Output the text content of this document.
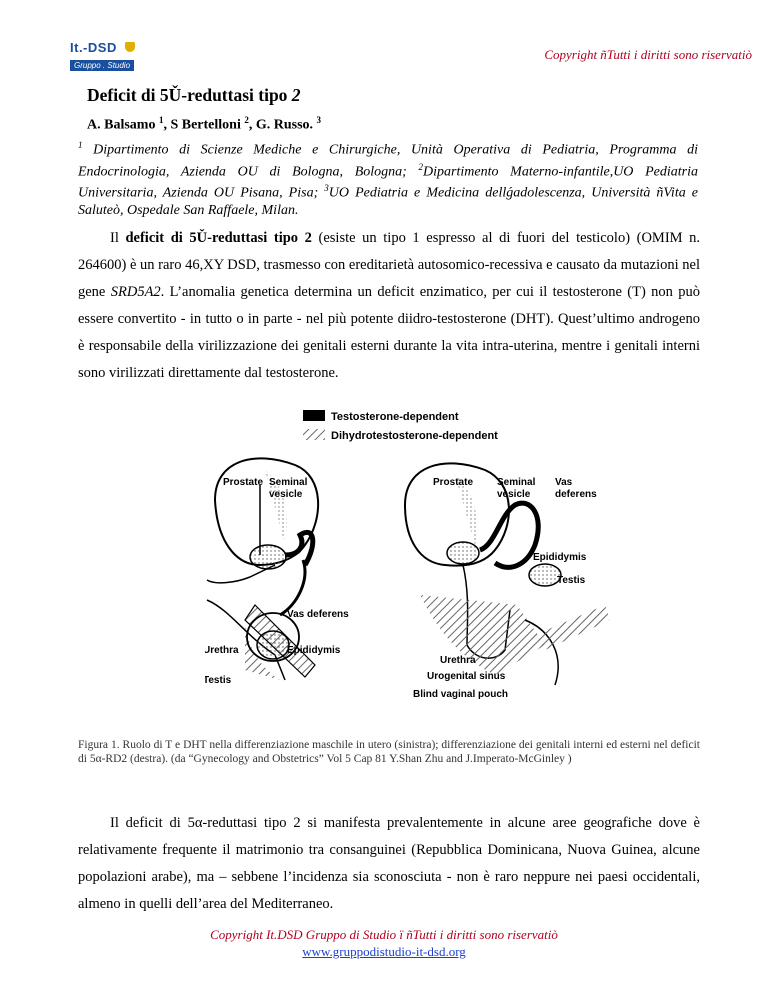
It.-DSD
Gruppo . Studio
Copyright ñTutti i diritti sono riservatiò
Deficit di 5Ǔ-reduttasi tipo 2
A. Balsamo $^1$, S Bertelloni $^2$, G. Russo. $^3$
$^1$ Dipartimento di Scienze Mediche e Chirurgiche, Unità Operativa di Pediatria, Programma di Endocrinologia, Azienda OU di Bologna, Bologna; $^2$Dipartimento Materno-infantile,UO Pediatria Universitaria, Azienda OU Pisana, Pisa; $^3$UO Pediatria e Medicina dellǵadolescenza, Università ñVita e Saluteò, Ospedale San Raffaele, Milan.
Il deficit di 5Ǔ-reduttasi tipo 2 (esiste un tipo 1 espresso al di fuori del testicolo) (OMIM n. 264600) è un raro 46,XY DSD, trasmesso con ereditarietà autosomico-recessiva e causato da mutazioni nel gene SRD5A2. L’anomalia genetica determina un deficit enzimatico, per cui il testosterone (T) non può essere convertito - in tutto o in parte - nel più potente diidro-testosterone (DHT). Quest’ultimo androgeno è responsabile della virilizzazione dei genitali esterni durante la vita intra-uterina, mentre i genitali interni sono virilizzati direttamente dal testosterone.
Testosterone-dependent
Dihydrotestosterone-dependent
Prostate Seminal
vesicle
Vas deferens
Urethra	Epididymis
Testis
Prostate Seminal
vesicle
Vas
deferens
Epididymis
Testis
Urethra
Urogenital sinus
Blind vaginal pouch
Figura 1. Ruolo di T e DHT nella differenziazione maschile in utero (sinistra); differenziazione dei genitali interni ed esterni nel deficit di 5α-RD2 (destra). (da “Gynecology and Obstetrics” Vol 5 Cap 81 Y.Shan Zhu and J.Imperato-McGinley )
Il deficit di 5α-reduttasi tipo 2 si manifesta prevalentemente in alcune aree geografiche dove è relativamente frequente il matrimonio tra consanguinei (Repubblica Dominicana, Nuova Guinea, alcune popolazioni arabe), ma – sebbene l’incidenza sia sconosciuta - non è raro neppure nei paesi occidentali, almeno in quelli dell’area del Mediterraneo.
Copyright It.DSD Gruppo di Studio ï ñTutti i diritti sono riservatiò
www.gruppodistudio-it-dsd.org
